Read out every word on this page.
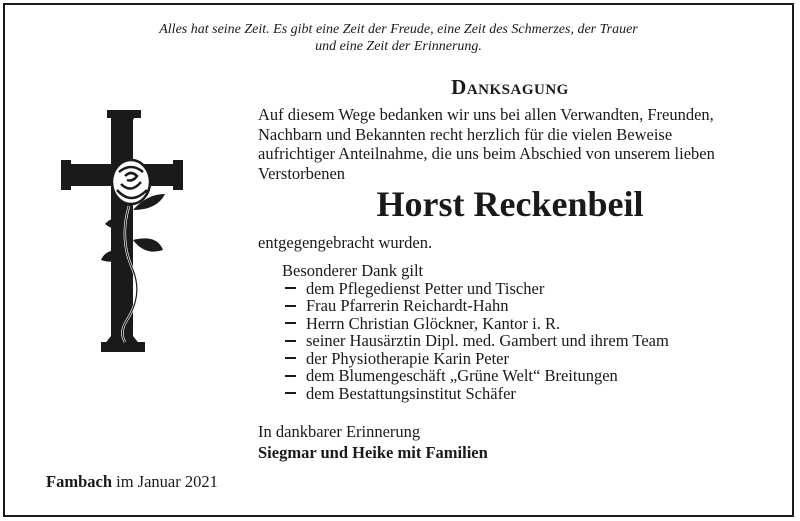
Alles hat seine Zeit. Es gibt eine Zeit der Freude, eine Zeit des Schmerzes, der Trauer
und eine Zeit der Erinnerung.
Danksagung
Auf diesem Wege bedanken wir uns bei allen Verwandten, Freunden,
Nachbarn und Bekannten recht herzlich für die vielen Beweise
aufrichtiger Anteilnahme, die uns beim Abschied von unserem lieben
Verstorbenen
Horst Reckenbeil
entgegengebracht wurden.
Besonderer Dank gilt
dem Pflegedienst Petter und Tischer
Frau Pfarrerin Reichardt-Hahn
Herrn Christian Glöckner, Kantor i. R.
seiner Hausärztin Dipl. med. Gambert und ihrem Team
der Physiotherapie Karin Peter
dem Blumengeschäft „Grüne Welt“ Breitungen
dem Bestattungsinstitut Schäfer
In dankbarer Erinnerung
Siegmar und Heike mit Familien
Fambach im Januar 2021
